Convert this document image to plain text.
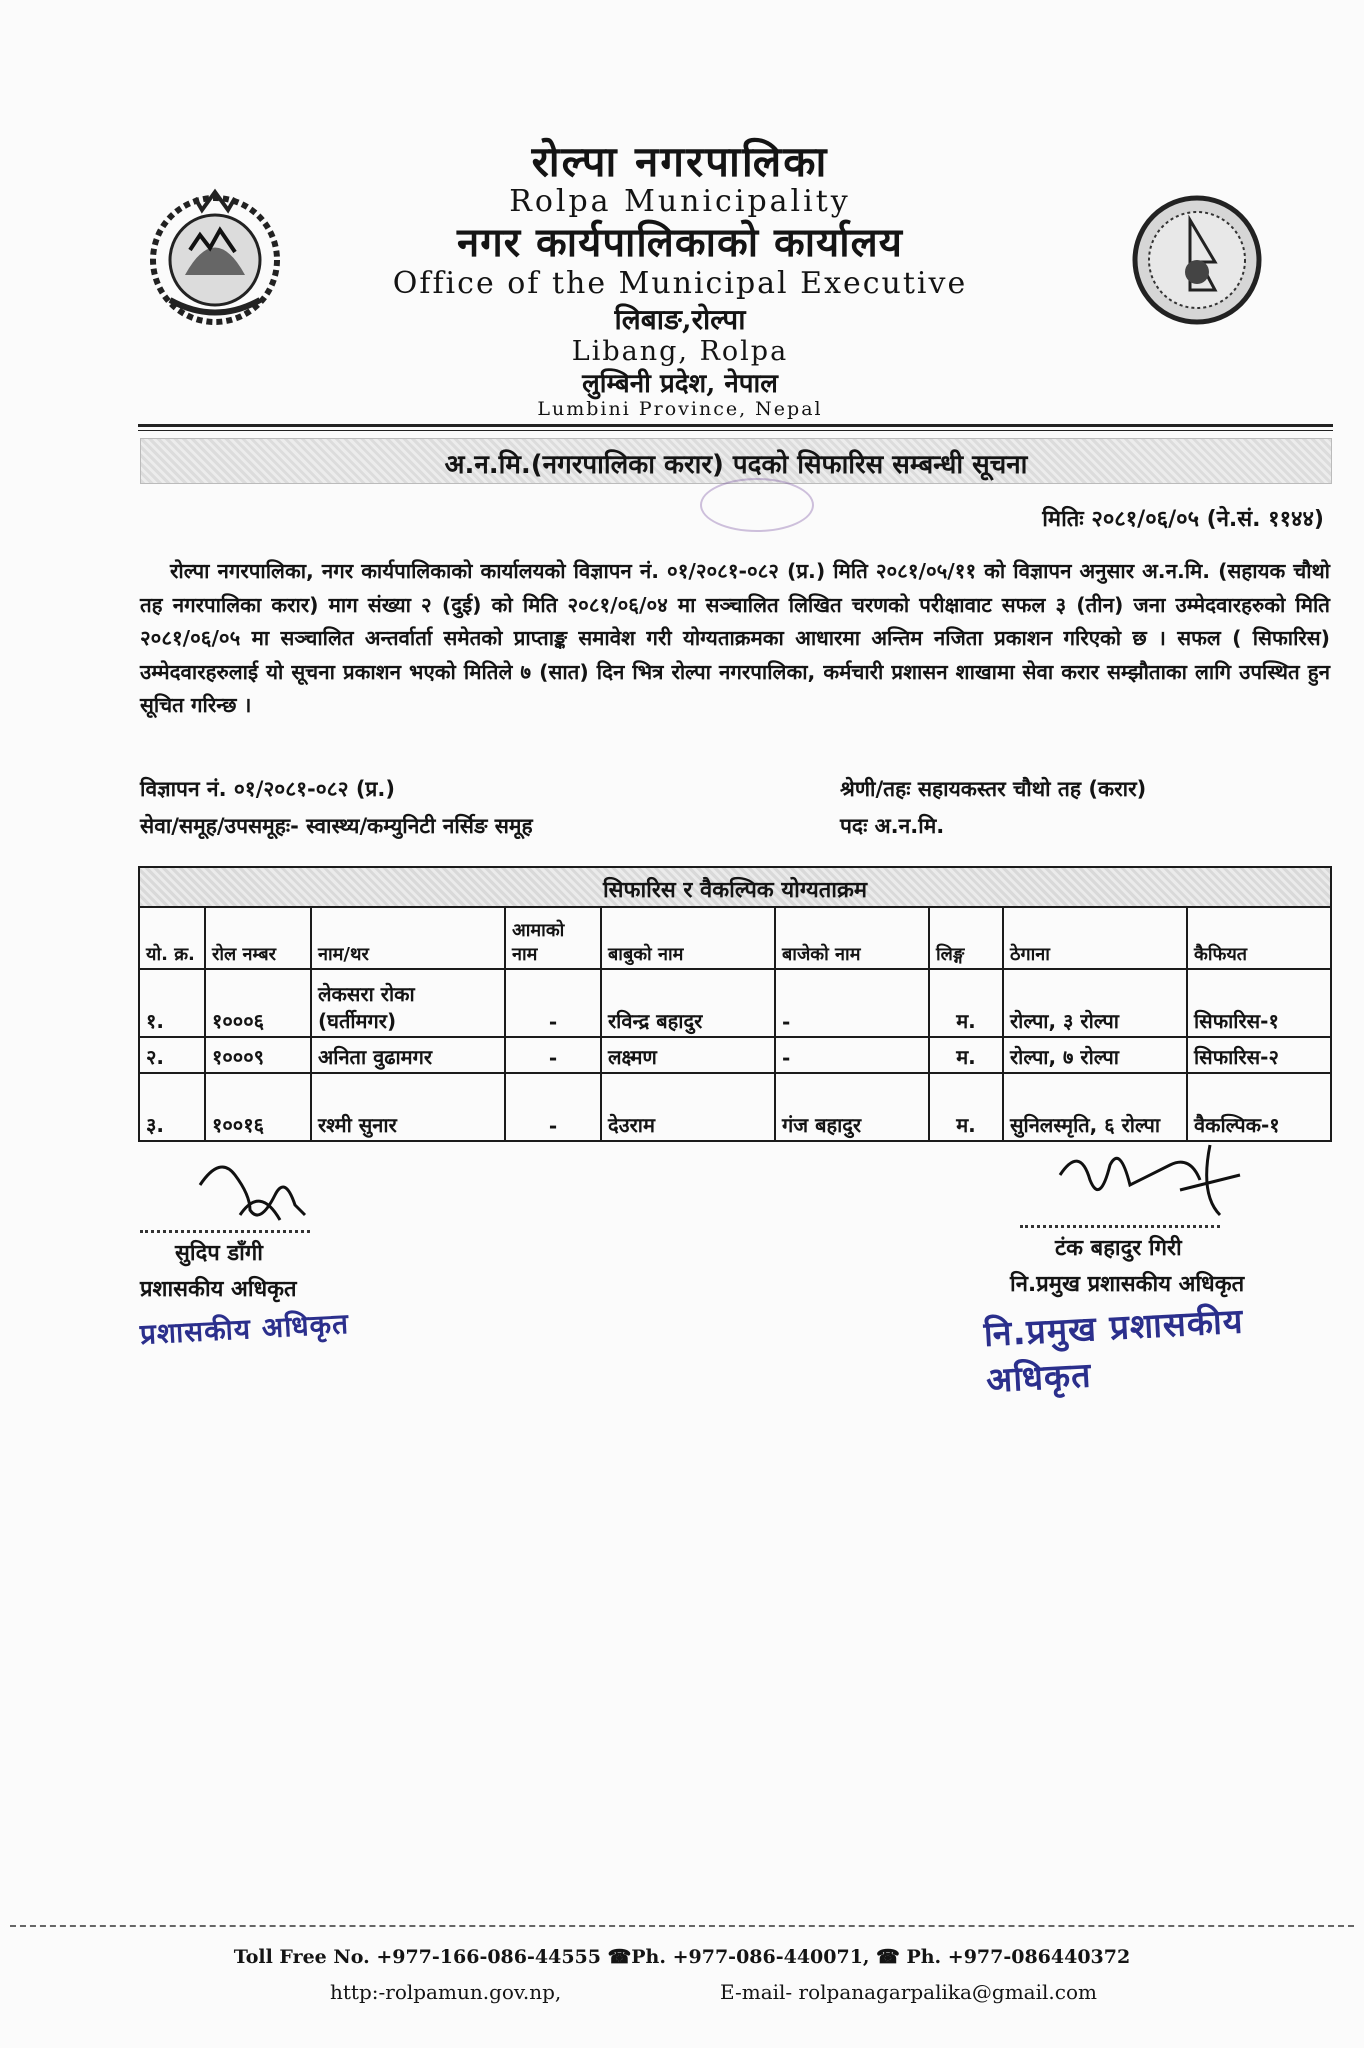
रोल्पा नगरपालिका
Rolpa Municipality
नगर कार्यपालिकाको कार्यालय
Office of the Municipal Executive
लिबाङ,रोल्पा
Libang, Rolpa
लुम्बिनी प्रदेश, नेपाल
Lumbini Province, Nepal
अ.न.मि.(नगरपालिका करार) पदको सिफारिस सम्बन्धी सूचना
मितिः २०८१/०६/०५ (ने.सं. ११४४)
रोल्पा नगरपालिका, नगर कार्यपालिकाको कार्यालयको विज्ञापन नं. ०१/२०८१-०८२ (प्र.) मिति २०८१/०५/११ को विज्ञापन अनुसार अ.न.मि. (सहायक चौथो तह नगरपालिका करार) माग संख्या २ (दुई) को मिति २०८१/०६/०४ मा सञ्चालित लिखित चरणको परीक्षावाट सफल ३ (तीन) जना उम्मेदवारहरुको मिति २०८१/०६/०५ मा सञ्चालित अन्तर्वार्ता समेतको प्राप्ताङ्क समावेश गरी योग्यताक्रमका आधारमा अन्तिम नजिता प्रकाशन गरिएको छ । सफल ( सिफारिस) उम्मेदवारहरुलाई यो सूचना प्रकाशन भएको मितिले ७ (सात) दिन भित्र रोल्पा नगरपालिका, कर्मचारी प्रशासन शाखामा सेवा करार सम्झौताका लागि उपस्थित हुन सूचित गरिन्छ ।
विज्ञापन नं. ०१/२०८१-०८२ (प्र.)	श्रेणी/तहः सहायकस्तर चौथो तह (करार)
सेवा/समूह/उपसमूहः- स्वास्थ्य/कम्युनिटी नर्सिङ समूह	पदः अ.न.मि.
सिफारिस र वैकल्पिक योग्यताक्रम								
यो. क्र.	रोल नम्बर	नाम/थर	आमाको नाम	बाबुको नाम	बाजेको नाम	लिङ्ग	ठेगाना	कैफियत
१.	१०००६	लेकसरा रोका (घर्तीमगर)	-	रविन्द्र बहादुर	-	म.	रोल्पा, ३ रोल्पा	सिफारिस-१
२.	१०००९	अनिता वुढामगर	-	लक्ष्मण	-	म.	रोल्पा, ७ रोल्पा	सिफारिस-२
३.	१००१६	रश्मी सुनार	-	देउराम	गंज बहादुर	म.	सुनिलस्मृति, ६ रोल्पा	वैकल्पिक-१
सुदिप डाँगी
प्रशासकीय अधिकृत
प्रशासकीय अधिकृत
टंक बहादुर गिरी
नि.प्रमुख प्रशासकीय अधिकृत
नि.प्रमुख प्रशासकीय अधिकृत
Toll Free No. +977-166-086-44555 ☎Ph. +977-086-440071, ☎ Ph. +977-086440372
http:-rolpamun.gov.np,	E-mail- rolpanagarpalika@gmail.com
